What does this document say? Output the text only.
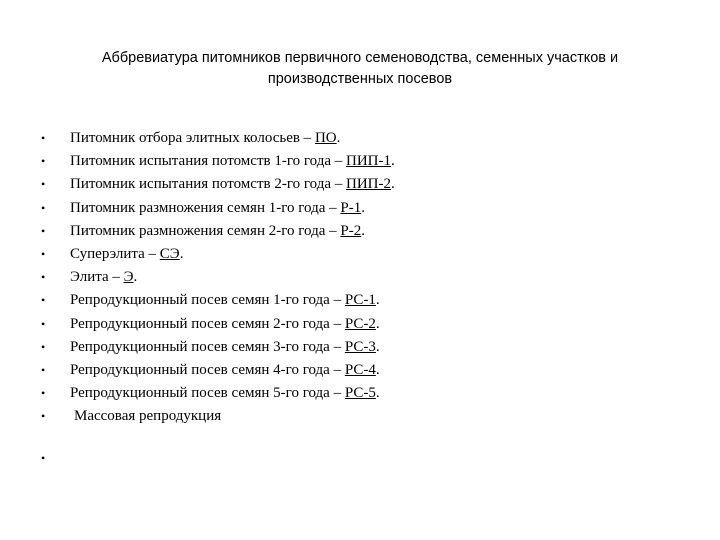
Аббревиатура питомников первичного семеноводства, семенных участков и
производственных посевов
• Питомник отбора элитных колосьев – ПО.
• Питомник испытания потомств 1-го года – ПИП-1.
• Питомник испытания потомств 2-го года – ПИП-2.
• Питомник размножения семян 1-го года – Р-1.
• Питомник размножения семян 2-го года – Р-2.
• Суперэлита – СЭ.
• Элита – Э.
• Репродукционный посев семян 1-го года – РС-1.
• Репродукционный посев семян 2-го года – РС-2.
• Репродукционный посев семян 3-го года – РС-3.
• Репродукционный посев семян 4-го года – РС-4.
• Репродукционный посев семян 5-го года – РС-5.
• Массовая репродукция
•
